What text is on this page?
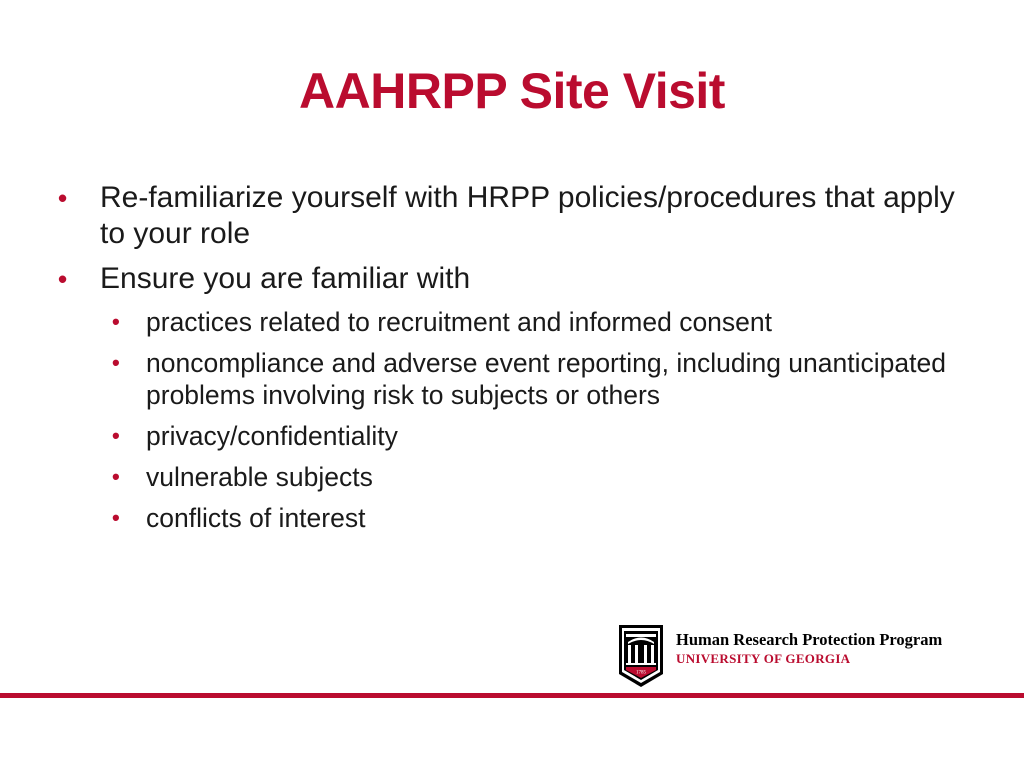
AAHRPP Site Visit
• Re-familiarize yourself with HRPP policies/procedures that apply to your role
• Ensure you are familiar with
• practices related to recruitment and informed consent
• noncompliance and adverse event reporting, including unanticipated problems involving risk to subjects or others
• privacy/confidentiality
• vulnerable subjects
• conflicts of interest
1785
Human Research Protection Program
UNIVERSITY OF GEORGIA
